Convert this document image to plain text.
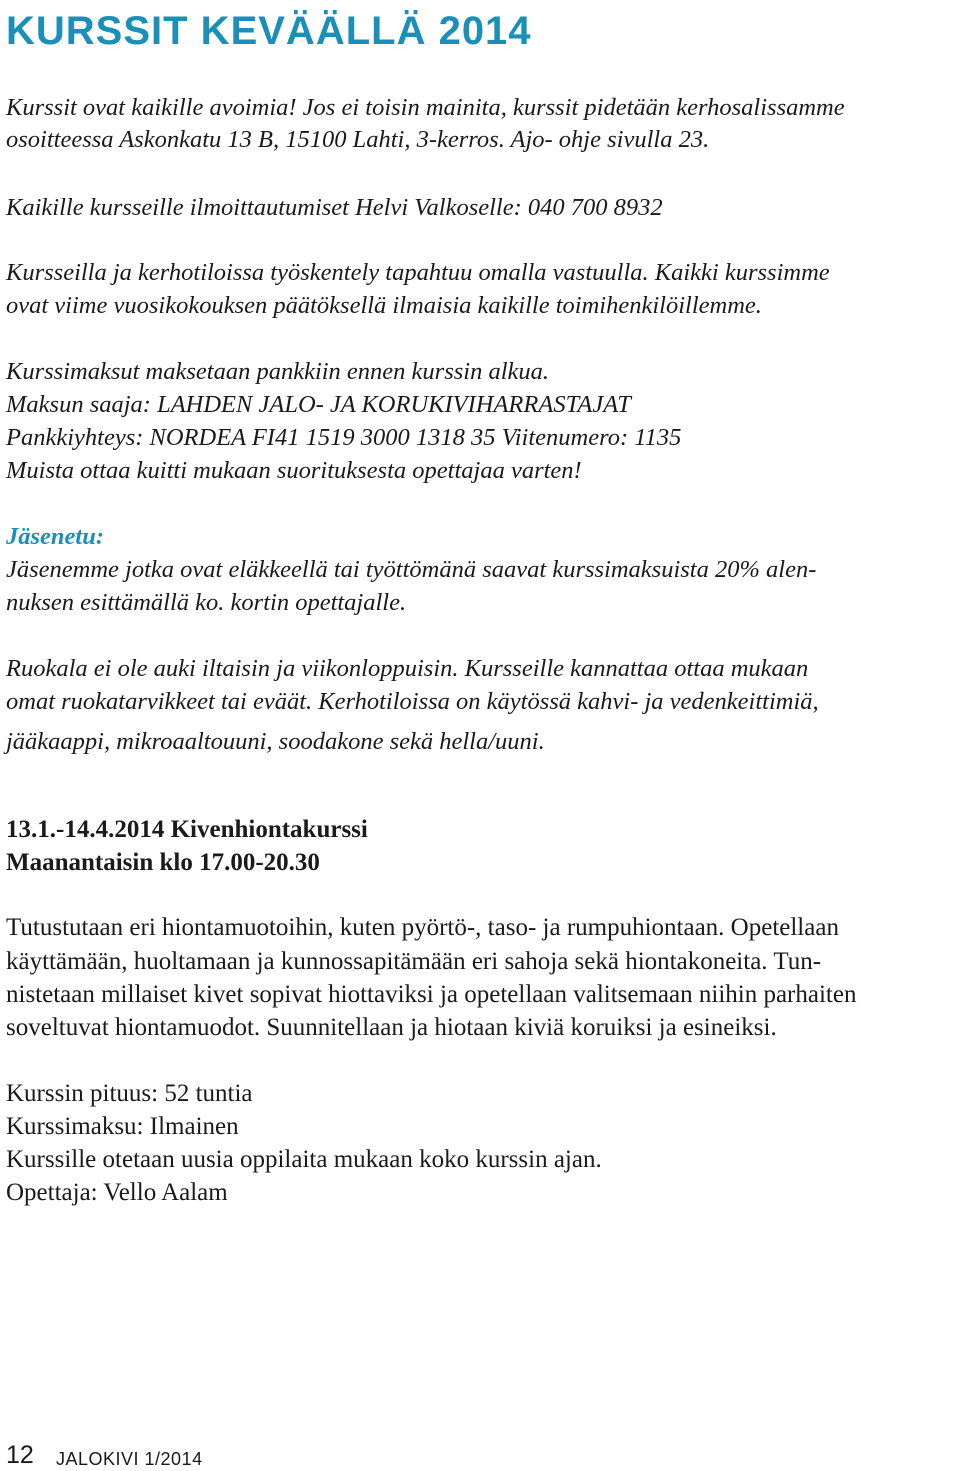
KURSSIT KEVÄÄLLÄ 2014

Kurssit ovat kaikille avoimia! Jos ei toisin mainita, kurssit pidetään kerhosalissamme

osoitteessa Askonkatu 13 B, 15100 Lahti, 3-kerros. Ajo- ohje sivulla 23.

Kaikille kursseille ilmoittautumiset Helvi Valkoselle: 040 700 8932

Kursseilla ja kerhotiloissa työskentely tapahtuu omalla vastuulla. Kaikki kurssimme

ovat viime vuosikokouksen päätöksellä ilmaisia kaikille toimihenkilöillemme.

Kurssimaksut maksetaan pankkiin ennen kurssin alkua.

Maksun saaja: LAHDEN JALO- JA KORUKIVIHARRASTAJAT

Pankkiyhteys: NORDEA FI41 1519 3000 1318 35 Viitenumero: 1135

Muista ottaa kuitti mukaan suorituksesta opettajaa varten!

Jäsenetu:

Jäsenemme jotka ovat eläkkeellä tai työttömänä saavat kurssimaksuista 20% alen-

nuksen esittämällä ko. kortin opettajalle.

Ruokala ei ole auki iltaisin ja viikonloppuisin. Kursseille kannattaa ottaa mukaan

omat ruokatarvikkeet tai eväät. Kerhotiloissa on käytössä kahvi- ja vedenkeittimiä,

jääkaappi, mikroaaltouuni, soodakone sekä hella/uuni.

13.1.-14.4.2014 Kivenhiontakurssi

Maanantaisin klo 17.00-20.30

Tutustutaan eri hiontamuotoihin, kuten pyörtö-, taso- ja rumpuhiontaan. Opetellaan

käyttämään, huoltamaan ja kunnossapitämään eri sahoja sekä hiontakoneita. Tun-

nistetaan millaiset kivet sopivat hiottaviksi ja opetellaan valitsemaan niihin parhaiten

soveltuvat hiontamuodot. Suunnitellaan ja hiotaan kiviä koruiksi ja esineiksi.

Kurssin pituus: 52 tuntia

Kurssimaksu: Ilmainen

Kurssille otetaan uusia oppilaita mukaan koko kurssin ajan.

Opettaja: Vello Aalam

12 JALOKIVI 1/2014
